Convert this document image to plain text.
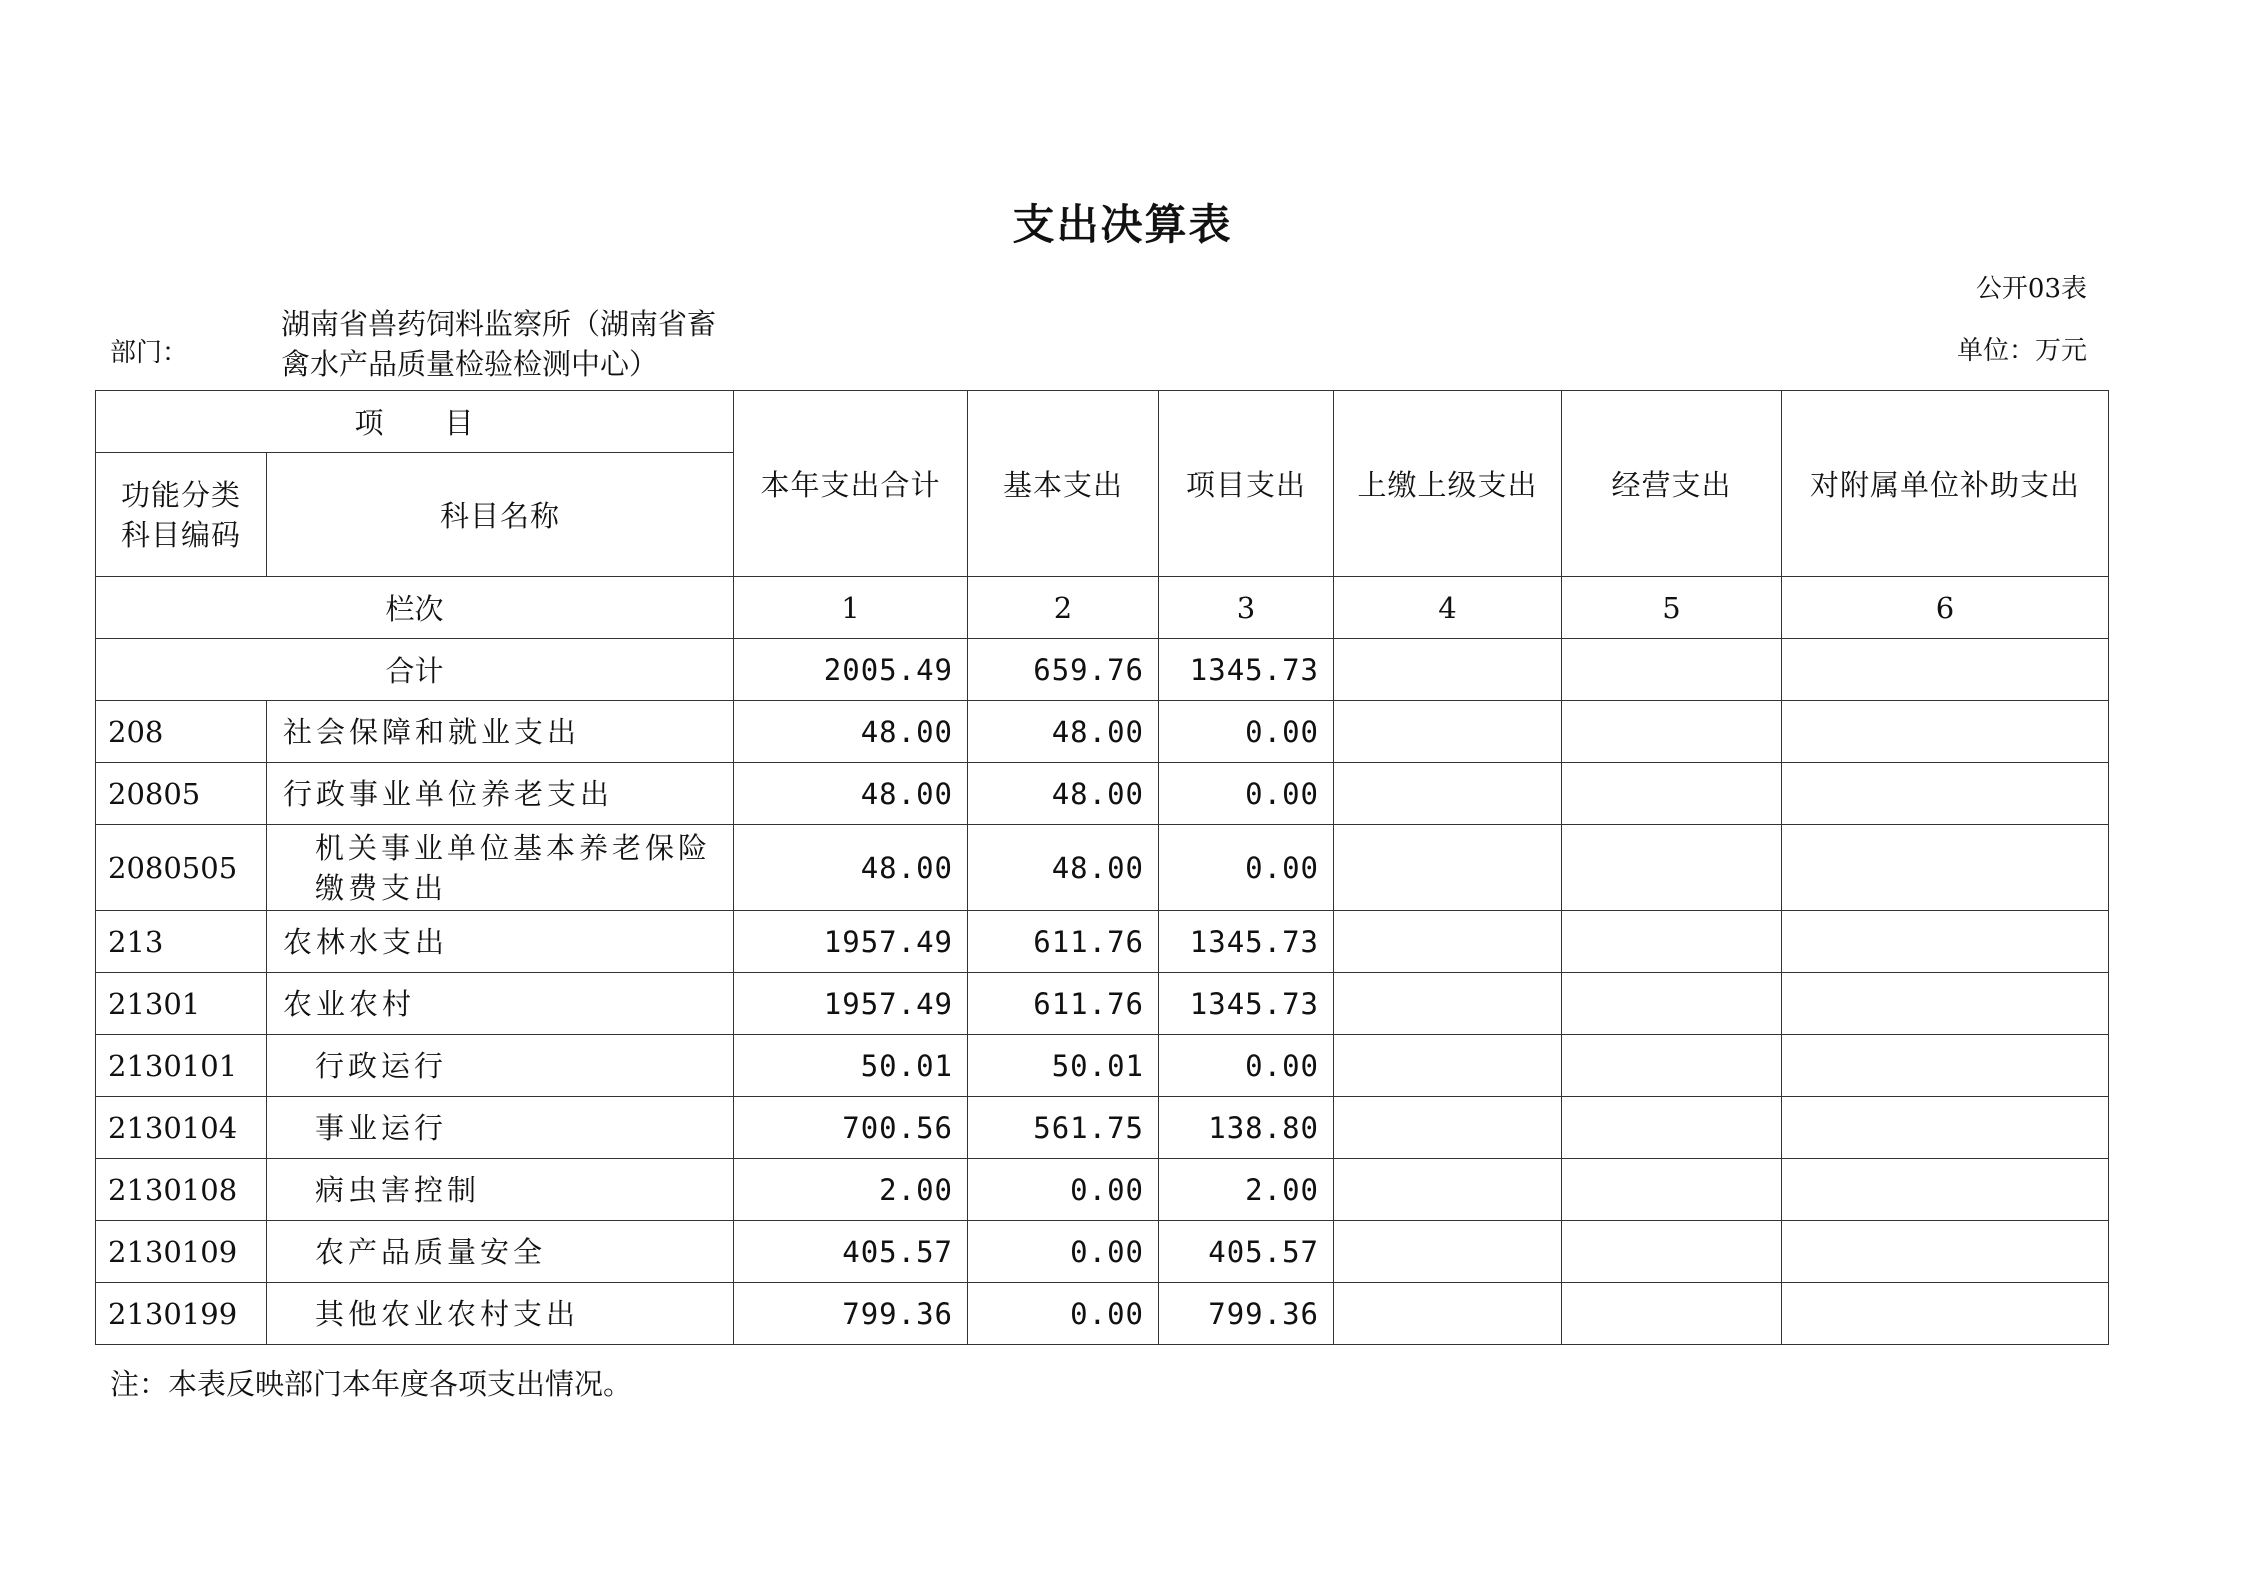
支出决算表
公开03表
部门：
湖南省兽药饲料监察所（湖南省畜禽水产品质量检验检测中心）	单位：万元
项　　目		本年支出合计	基本支出	项目支出	上缴上级支出	经营支出	对附属单位补助支出
功能分类科目编码	科目名称						
栏次		1	2	3	4	5	6
合计		2005.49	659.76	1345.73			
208	社会保障和就业支出	48.00	48.00	0.00			
20805	行政事业单位养老支出	48.00	48.00	0.00			
2080505	机关事业单位基本养老保险缴费支出	48.00	48.00	0.00			
213	农林水支出	1957.49	611.76	1345.73			
21301	农业农村	1957.49	611.76	1345.73			
2130101	行政运行	50.01	50.01	0.00			
2130104	事业运行	700.56	561.75	138.80			
2130108	病虫害控制	2.00	0.00	2.00			
2130109	农产品质量安全	405.57	0.00	405.57			
2130199	其他农业农村支出	799.36	0.00	799.36			
注：本表反映部门本年度各项支出情况。
